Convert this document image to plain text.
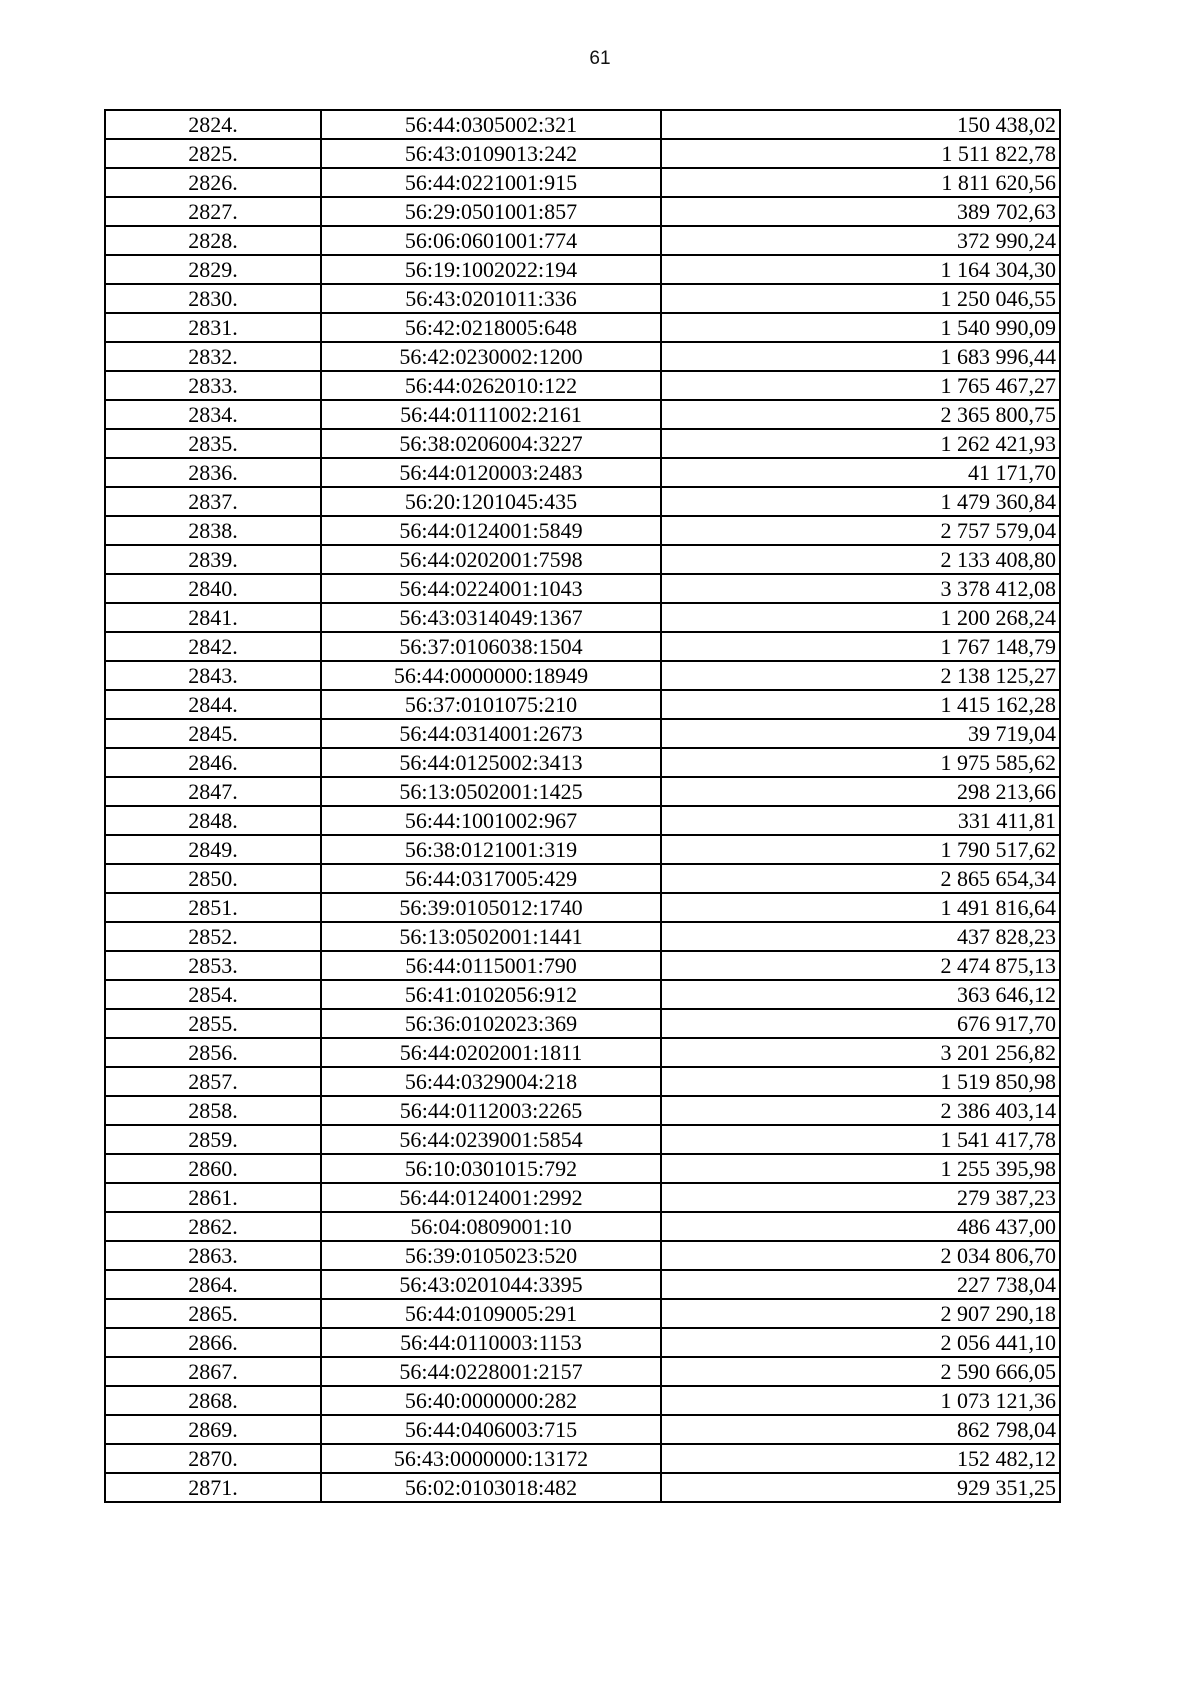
61
2824.	56:44:0305002:321	150 438,02
2825.	56:43:0109013:242	1 511 822,78
2826.	56:44:0221001:915	1 811 620,56
2827.	56:29:0501001:857	389 702,63
2828.	56:06:0601001:774	372 990,24
2829.	56:19:1002022:194	1 164 304,30
2830.	56:43:0201011:336	1 250 046,55
2831.	56:42:0218005:648	1 540 990,09
2832.	56:42:0230002:1200	1 683 996,44
2833.	56:44:0262010:122	1 765 467,27
2834.	56:44:0111002:2161	2 365 800,75
2835.	56:38:0206004:3227	1 262 421,93
2836.	56:44:0120003:2483	41 171,70
2837.	56:20:1201045:435	1 479 360,84
2838.	56:44:0124001:5849	2 757 579,04
2839.	56:44:0202001:7598	2 133 408,80
2840.	56:44:0224001:1043	3 378 412,08
2841.	56:43:0314049:1367	1 200 268,24
2842.	56:37:0106038:1504	1 767 148,79
2843.	56:44:0000000:18949	2 138 125,27
2844.	56:37:0101075:210	1 415 162,28
2845.	56:44:0314001:2673	39 719,04
2846.	56:44:0125002:3413	1 975 585,62
2847.	56:13:0502001:1425	298 213,66
2848.	56:44:1001002:967	331 411,81
2849.	56:38:0121001:319	1 790 517,62
2850.	56:44:0317005:429	2 865 654,34
2851.	56:39:0105012:1740	1 491 816,64
2852.	56:13:0502001:1441	437 828,23
2853.	56:44:0115001:790	2 474 875,13
2854.	56:41:0102056:912	363 646,12
2855.	56:36:0102023:369	676 917,70
2856.	56:44:0202001:1811	3 201 256,82
2857.	56:44:0329004:218	1 519 850,98
2858.	56:44:0112003:2265	2 386 403,14
2859.	56:44:0239001:5854	1 541 417,78
2860.	56:10:0301015:792	1 255 395,98
2861.	56:44:0124001:2992	279 387,23
2862.	56:04:0809001:10	486 437,00
2863.	56:39:0105023:520	2 034 806,70
2864.	56:43:0201044:3395	227 738,04
2865.	56:44:0109005:291	2 907 290,18
2866.	56:44:0110003:1153	2 056 441,10
2867.	56:44:0228001:2157	2 590 666,05
2868.	56:40:0000000:282	1 073 121,36
2869.	56:44:0406003:715	862 798,04
2870.	56:43:0000000:13172	152 482,12
2871.	56:02:0103018:482	929 351,25
